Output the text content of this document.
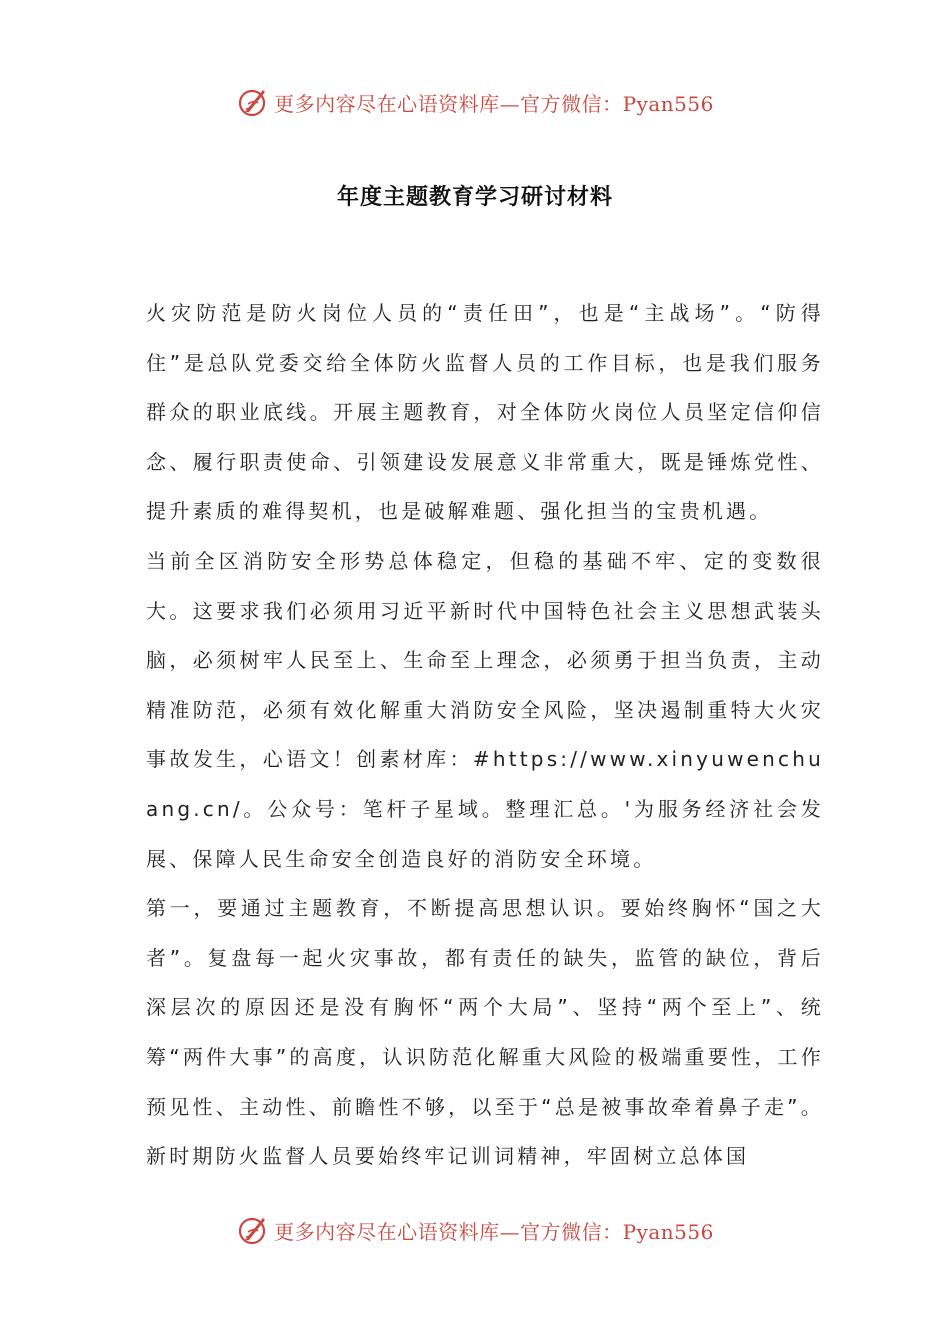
更多内容尽在心语资料库—官方微信：Pyan556
年度主题教育学习研讨材料

火灾防范是防火岗位人员的“责任田”，也是“主战场”。“防得住”是总队党委交给全体防火监督人员的工作目标，也是我们服务群众的职业底线。开展主题教育，对全体防火岗位人员坚定信仰信念、履行职责使命、引领建设发展意义非常重大，既是锤炼党性、提升素质的难得契机，也是破解难题、强化担当的宝贵机遇。

当前全区消防安全形势总体稳定，但稳的基础不牢、定的变数很大。这要求我们必须用习近平新时代中国特色社会主义思想武装头脑，必须树牢人民至上、生命至上理念，必须勇于担当负责，主动精准防范，必须有效化解重大消防安全风险，坚决遏制重特大火灾事故发生，心语文！创素材库：#https://www.xinyuwenchuang.cn/。公众号：笔杆子星域。整理汇总。'为服务经济社会发展、保障人民生命安全创造良好的消防安全环境。

第一，要通过主题教育，不断提高思想认识。要始终胸怀“国之大者”。复盘每一起火灾事故，都有责任的缺失，监管的缺位，背后深层次的原因还是没有胸怀“两个大局”、坚持“两个至上”、统筹“两件大事”的高度，认识防范化解重大风险的极端重要性，工作预见性、主动性、前瞻性不够，以至于“总是被事故牵着鼻子走”。新时期防火监督人员要始终牢记训词精神，牢固树立总体国

更多内容尽在心语资料库—官方微信：Pyan556
